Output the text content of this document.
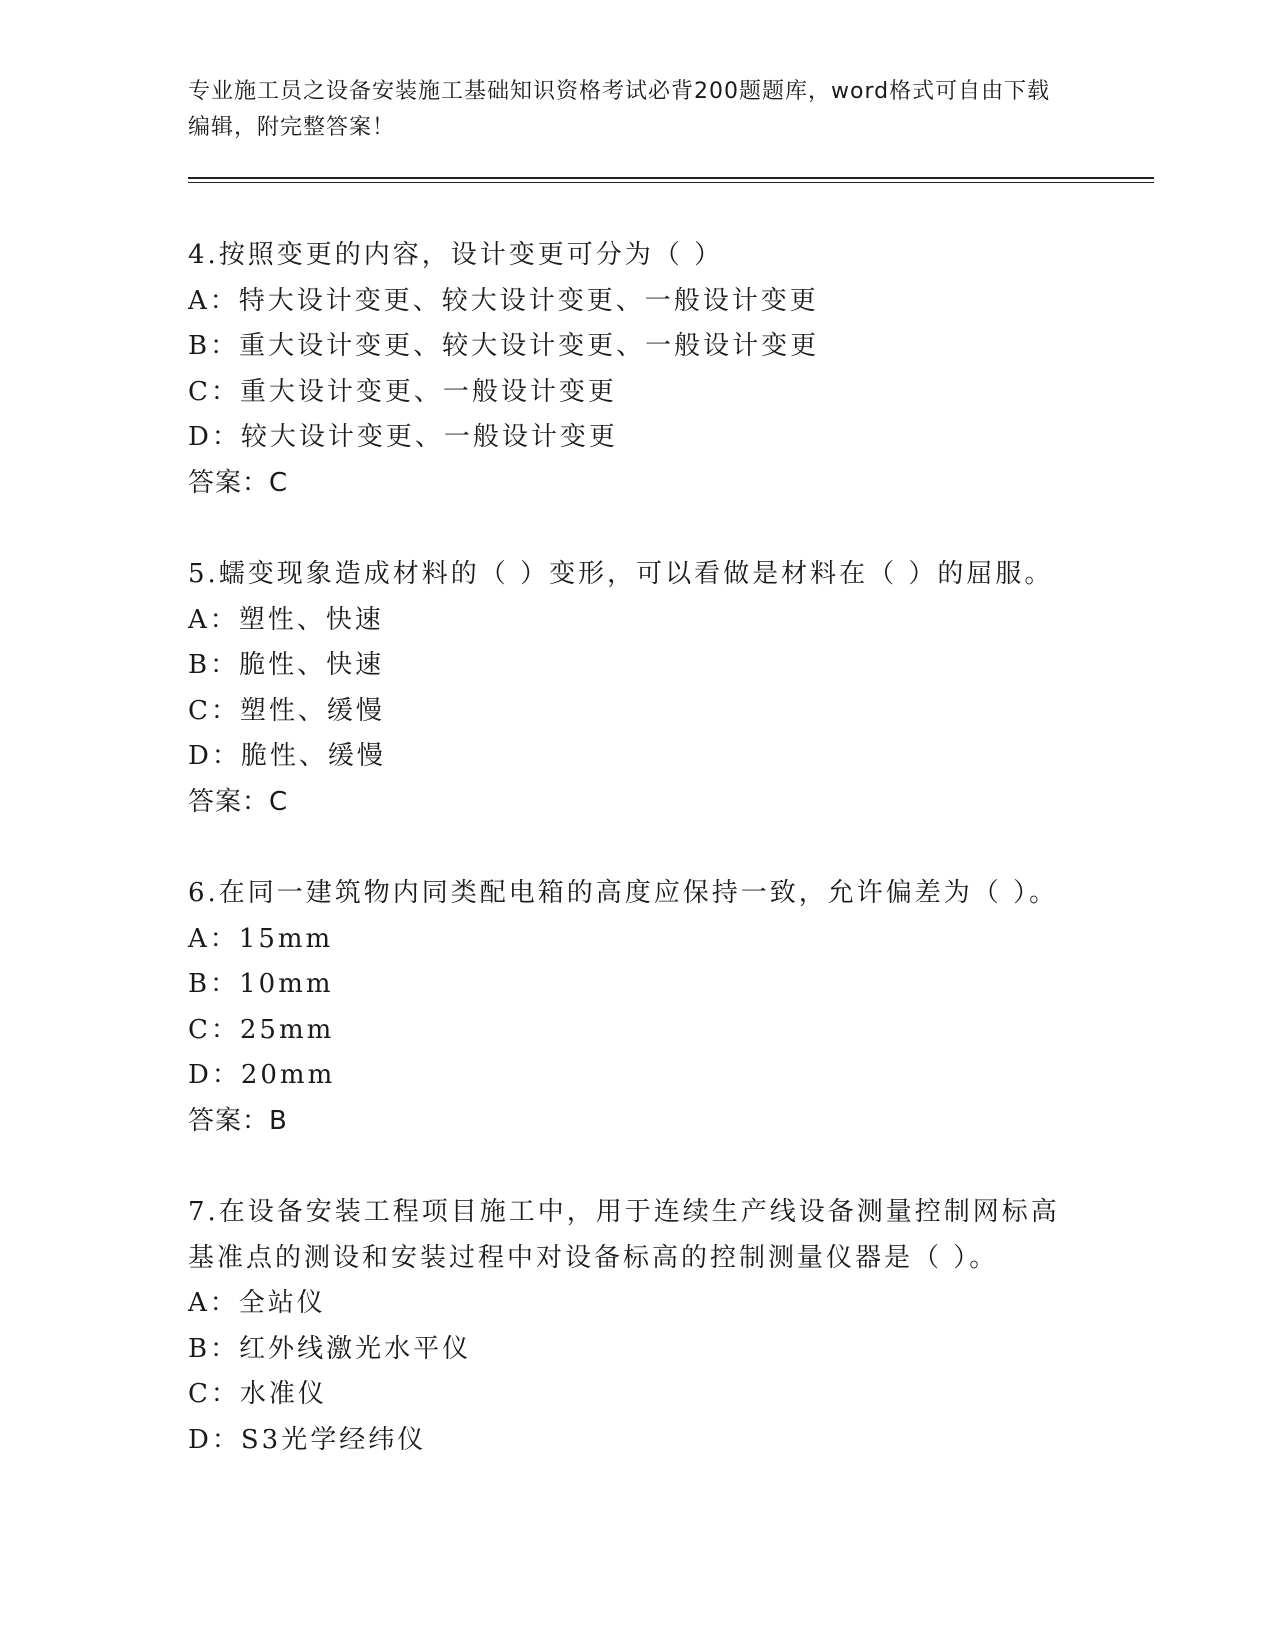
专业施工员之设备安装施工基础知识资格考试必背200题题库，word格式可自由下载编辑，附完整答案！
4.按照变更的内容，设计变更可分为（ ）
A：特大设计变更、较大设计变更、一般设计变更
B：重大设计变更、较大设计变更、一般设计变更
C：重大设计变更、一般设计变更
D：较大设计变更、一般设计变更
答案：C
5.蠕变现象造成材料的（ ）变形，可以看做是材料在（ ）的屈服。
A：塑性、快速
B：脆性、快速
C：塑性、缓慢
D：脆性、缓慢
答案：C
6.在同一建筑物内同类配电箱的高度应保持一致，允许偏差为（ ）。
A：15mm
B：10mm
C：25mm
D：20mm
答案：B
7.在设备安装工程项目施工中，用于连续生产线设备测量控制网标高
基准点的测设和安装过程中对设备标高的控制测量仪器是（ ）。
A：全站仪
B：红外线激光水平仪
C：水准仪
D：S3光学经纬仪
